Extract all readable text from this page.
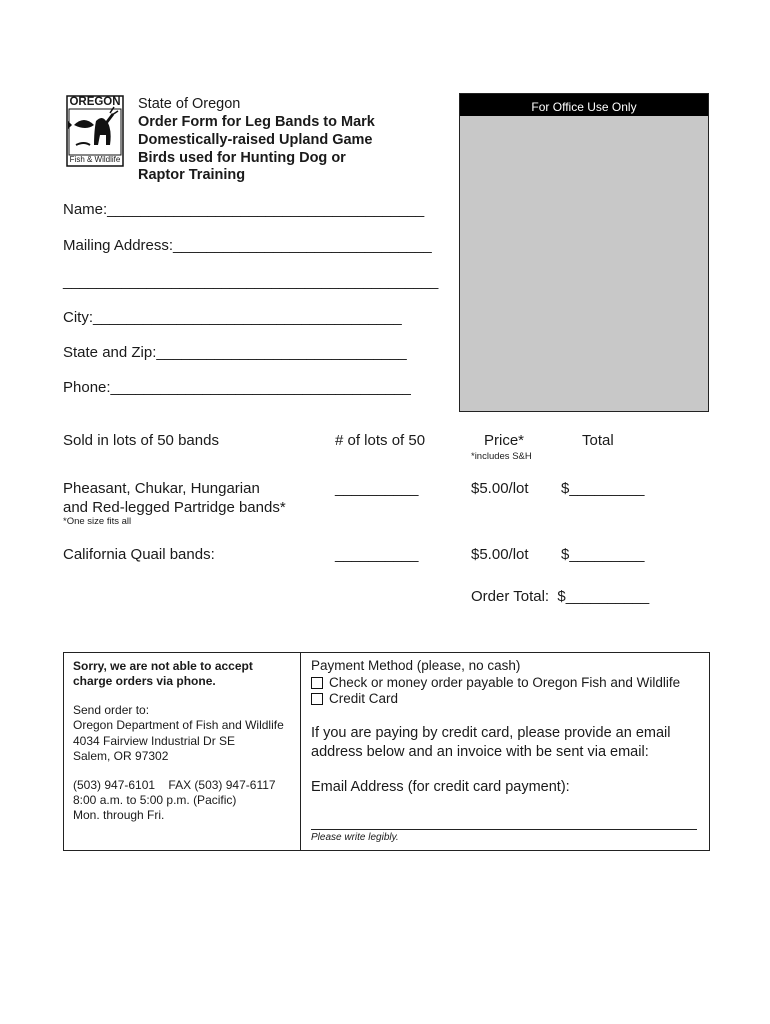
OREGON
Fish & Wildlife
State of Oregon
Order Form for Leg Bands to Mark
Domestically-raised Upland Game
Birds used for Hunting Dog or
Raptor Training
For Office Use Only
Name:______________________________________
Mailing Address:_______________________________
_____________________________________________
City:_____________________________________
State and Zip:______________________________
Phone:____________________________________
Sold in lots of 50 bands	# of lots of 50	Price*	Total
*includes S&H
Pheasant, Chukar, Hungarian
and Red-legged Partridge bands*
*One size fits all
__________	$5.00/lot $_________
California Quail bands:	__________	$5.00/lot $_________
Order Total:  $__________
Sorry, we are not able to accept
charge orders via phone.
Send order to:
Oregon Department of Fish and Wildlife
4034 Fairview Industrial Dr SE
Salem, OR 97302
(503) 947-6101    FAX (503) 947-6117
8:00 a.m. to 5:00 p.m. (Pacific)
Mon. through Fri.
Payment Method (please, no cash)
Check or money order payable to Oregon Fish and Wildlife
Credit Card
If you are paying by credit card, please provide an email
address below and an invoice with be sent via email:
Email Address (for credit card payment):
Please write legibly.
